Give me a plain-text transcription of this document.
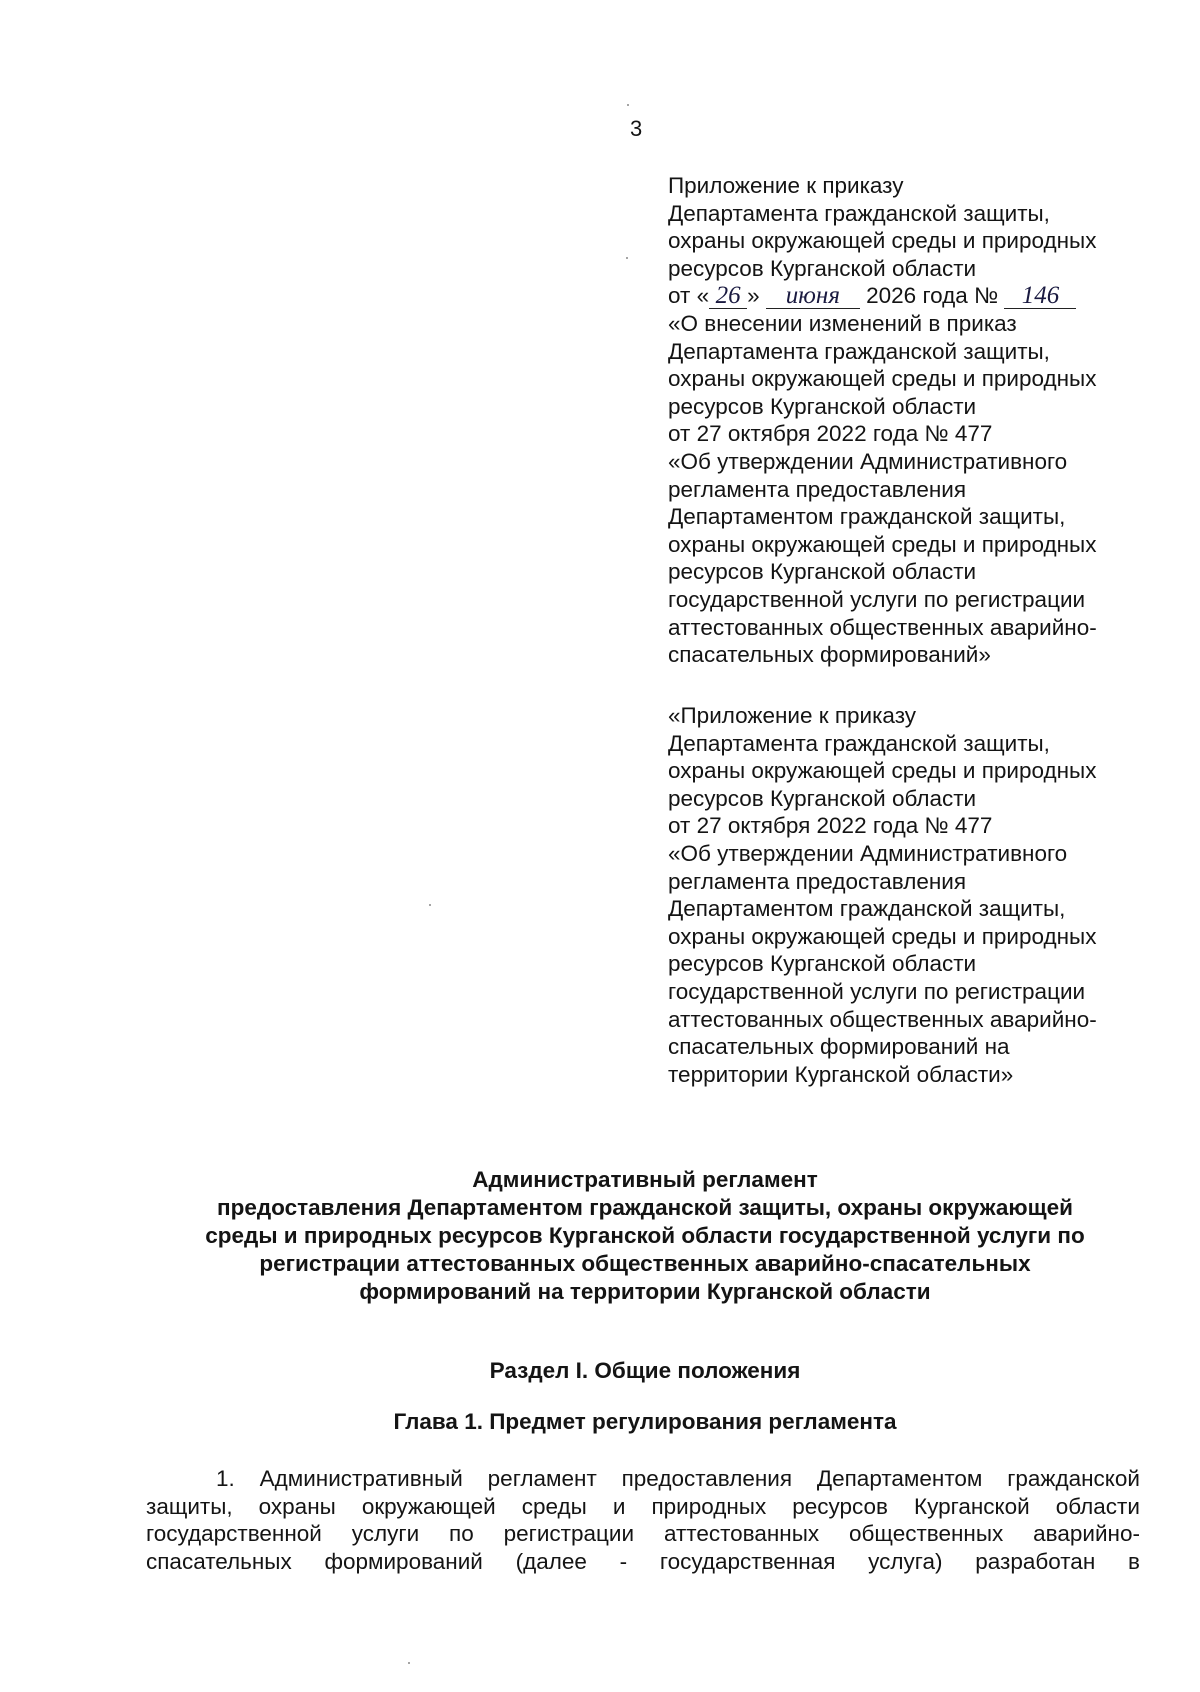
3
Приложение к приказу
Департамента гражданской защиты,
охраны окружающей среды и природных
ресурсов Курганской области
от « 26 » июня 2026 года № 146
«О внесении изменений в приказ
Департамента гражданской защиты,
охраны окружающей среды и природных
ресурсов Курганской области
от 27 октября 2022 года № 477
«Об утверждении Административного
регламента предоставления
Департаментом гражданской защиты,
охраны окружающей среды и природных
ресурсов Курганской области
государственной услуги по регистрации
аттестованных общественных аварийно-
спасательных формирований»
«Приложение к приказу
Департамента гражданской защиты,
охраны окружающей среды и природных
ресурсов Курганской области
от 27 октября 2022 года № 477
«Об утверждении Административного
регламента предоставления
Департаментом гражданской защиты,
охраны окружающей среды и природных
ресурсов Курганской области
государственной услуги по регистрации
аттестованных общественных аварийно-
спасательных формирований на
территории Курганской области»
Административный регламент
предоставления Департаментом гражданской защиты, охраны окружающей
среды и природных ресурсов Курганской области государственной услуги по
регистрации аттестованных общественных аварийно-спасательных
формирований на территории Курганской области
Раздел I. Общие положения
Глава 1. Предмет регулирования регламента
1. Административный регламент предоставления Департаментом гражданской
защиты, охраны окружающей среды и природных ресурсов Курганской области
государственной услуги по регистрации аттестованных общественных аварийно-
спасательных формирований (далее - государственная услуга) разработан в
